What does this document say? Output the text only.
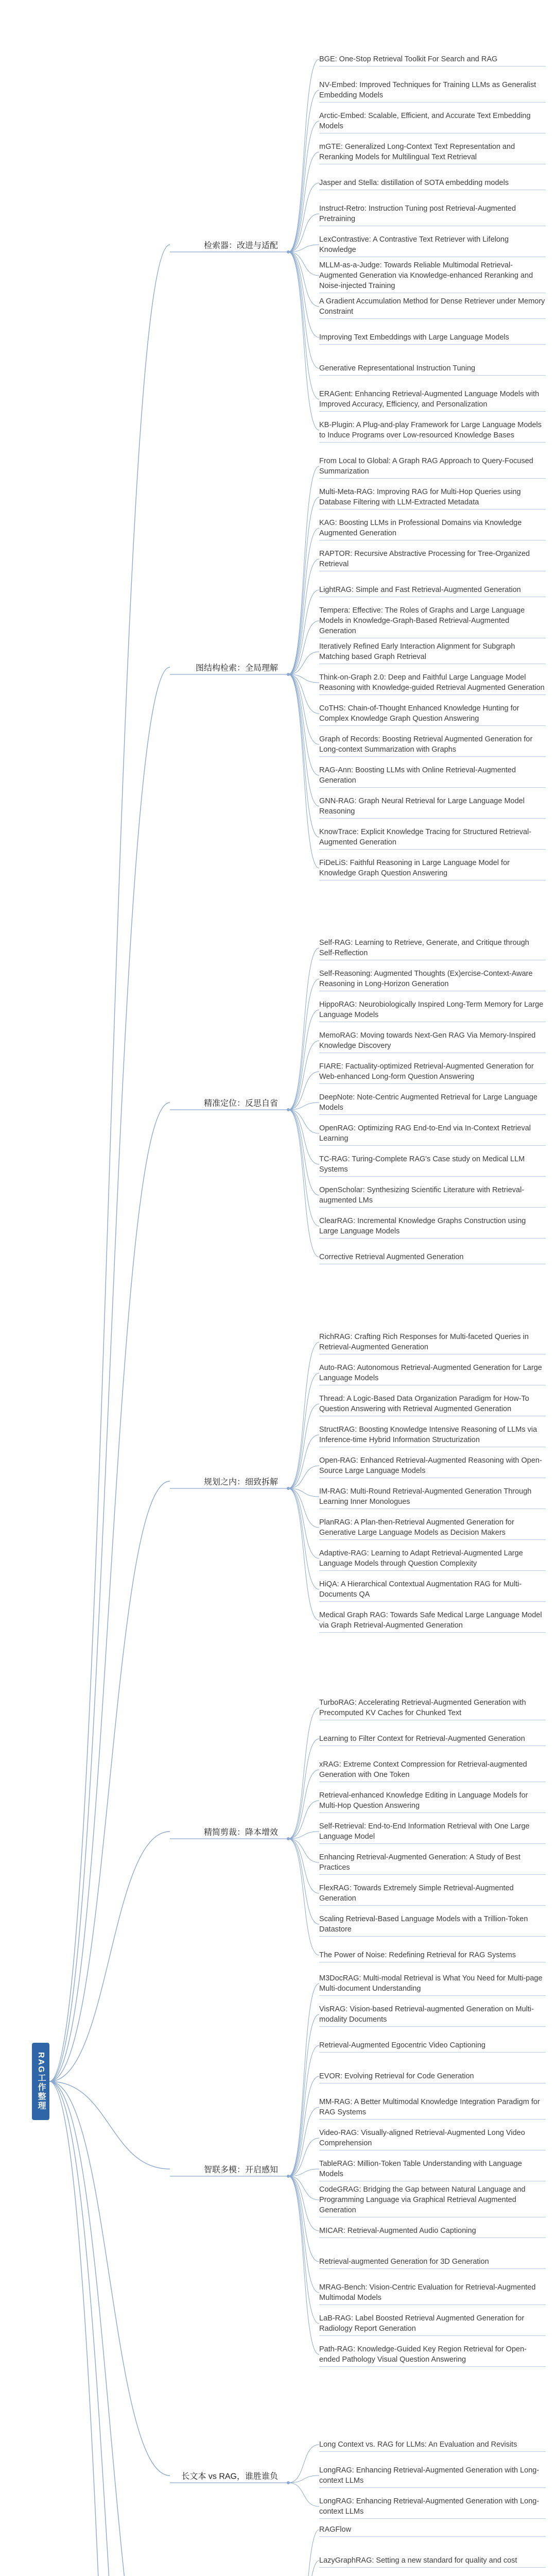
RAG工作整理
检索器：改进与适配
BGE: One-Stop Retrieval Toolkit For Search and RAG
NV-Embed: Improved Techniques for Training LLMs as Generalist Embedding Models
Arctic-Embed: Scalable, Efficient, and Accurate Text Embedding Models
mGTE: Generalized Long-Context Text Representation and Reranking Models for Multilingual Text Retrieval
Jasper and Stella: distillation of SOTA embedding models
Instruct-Retro: Instruction Tuning post Retrieval-Augmented Pretraining
LexContrastive: A Contrastive Text Retriever with Lifelong Knowledge
MLLM-as-a-Judge: Towards Reliable Multimodal Retrieval-Augmented Generation via Knowledge-enhanced Reranking and Noise-injected Training
A Gradient Accumulation Method for Dense Retriever under Memory Constraint
Improving Text Embeddings with Large Language Models
Generative Representational Instruction Tuning
ERAGent: Enhancing Retrieval-Augmented Language Models with Improved Accuracy, Efficiency, and Personalization
KB-Plugin: A Plug-and-play Framework for Large Language Models to Induce Programs over Low-resourced Knowledge Bases
图结构检索：全局理解
From Local to Global: A Graph RAG Approach to Query-Focused Summarization
Multi-Meta-RAG: Improving RAG for Multi-Hop Queries using Database Filtering with LLM-Extracted Metadata
KAG: Boosting LLMs in Professional Domains via Knowledge Augmented Generation
RAPTOR: Recursive Abstractive Processing for Tree-Organized Retrieval
LightRAG: Simple and Fast Retrieval-Augmented Generation
Tempera: Effective: The Roles of Graphs and Large Language Models in Knowledge-Graph-Based Retrieval-Augmented Generation
Iteratively Refined Early Interaction Alignment for Subgraph Matching based Graph Retrieval
Think-on-Graph 2.0: Deep and Faithful Large Language Model Reasoning with Knowledge-guided Retrieval Augmented Generation
CoTHS: Chain-of-Thought Enhanced Knowledge Hunting for Complex Knowledge Graph Question Answering
Graph of Records: Boosting Retrieval Augmented Generation for Long-context Summarization with Graphs
RAG-Ann: Boosting LLMs with Online Retrieval-Augmented Generation
GNN-RAG: Graph Neural Retrieval for Large Language Model Reasoning
KnowTrace: Explicit Knowledge Tracing for Structured Retrieval-Augmented Generation
FiDeLiS: Faithful Reasoning in Large Language Model for Knowledge Graph Question Answering
精准定位：反思自省
Self-RAG: Learning to Retrieve, Generate, and Critique through Self-Reflection
Self-Reasoning: Augmented Thoughts (Ex)ercise-Context-Aware Reasoning in Long-Horizon Generation
HippoRAG: Neurobiologically Inspired Long-Term Memory for Large Language Models
MemoRAG: Moving towards Next-Gen RAG Via Memory-Inspired Knowledge Discovery
FIARE: Factuality-optimized Retrieval-Augmented Generation for Web-enhanced Long-form Question Answering
DeepNote: Note-Centric Augmented Retrieval for Large Language Models
OpenRAG: Optimizing RAG End-to-End via In-Context Retrieval Learning
TC-RAG: Turing-Complete RAG's Case study on Medical LLM Systems
OpenScholar: Synthesizing Scientific Literature with Retrieval-augmented LMs
ClearRAG: Incremental Knowledge Graphs Construction using Large Language Models
Corrective Retrieval Augmented Generation
规划之内：细致拆解
RichRAG: Crafting Rich Responses for Multi-faceted Queries in Retrieval-Augmented Generation
Auto-RAG: Autonomous Retrieval-Augmented Generation for Large Language Models
Thread: A Logic-Based Data Organization Paradigm for How-To Question Answering with Retrieval Augmented Generation
StructRAG: Boosting Knowledge Intensive Reasoning of LLMs via Inference-time Hybrid Information Structurization
Open-RAG: Enhanced Retrieval-Augmented Reasoning with Open-Source Large Language Models
IM-RAG: Multi-Round Retrieval-Augmented Generation Through Learning Inner Monologues
PlanRAG: A Plan-then-Retrieval Augmented Generation for Generative Large Language Models as Decision Makers
Adaptive-RAG: Learning to Adapt Retrieval-Augmented Large Language Models through Question Complexity
HiQA: A Hierarchical Contextual Augmentation RAG for Multi-Documents QA
Medical Graph RAG: Towards Safe Medical Large Language Model via Graph Retrieval-Augmented Generation
精简剪裁：降本增效
TurboRAG: Accelerating Retrieval-Augmented Generation with Precomputed KV Caches for Chunked Text
Learning to Filter Context for Retrieval-Augmented Generation
xRAG: Extreme Context Compression for Retrieval-augmented Generation with One Token
Retrieval-enhanced Knowledge Editing in Language Models for Multi-Hop Question Answering
Self-Retrieval: End-to-End Information Retrieval with One Large Language Model
Enhancing Retrieval-Augmented Generation: A Study of Best Practices
FlexRAG: Towards Extremely Simple Retrieval-Augmented Generation
Scaling Retrieval-Based Language Models with a Trillion-Token Datastore
The Power of Noise: Redefining Retrieval for RAG Systems
智联多模：开启感知
M3DocRAG: Multi-modal Retrieval is What You Need for Multi-page Multi-document Understanding
VisRAG: Vision-based Retrieval-augmented Generation on Multi-modality Documents
Retrieval-Augmented Egocentric Video Captioning
EVOR: Evolving Retrieval for Code Generation
MM-RAG: A Better Multimodal Knowledge Integration Paradigm for RAG Systems
Video-RAG: Visually-aligned Retrieval-Augmented Long Video Comprehension
TableRAG: Million-Token Table Understanding with Language Models
CodeGRAG: Bridging the Gap between Natural Language and Programming Language via Graphical Retrieval Augmented Generation
MICAR: Retrieval-Augmented Audio Captioning
Retrieval-augmented Generation for 3D Generation
MRAG-Bench: Vision-Centric Evaluation for Retrieval-Augmented Multimodal Models
LaB-RAG: Label Boosted Retrieval Augmented Generation for Radiology Report Generation
Path-RAG: Knowledge-Guided Key Region Retrieval for Open-ended Pathology Visual Question Answering
长文本 vs RAG，谁胜谁负
Long Context vs. RAG for LLMs: An Evaluation and Revisits
LongRAG: Enhancing Retrieval-Augmented Generation with Long-context LLMs
LongRAG: Enhancing Retrieval-Augmented Generation with Long-context LLMs
RAGFlow
LazyGraphRAG: Setting a new standard for quality and cost
